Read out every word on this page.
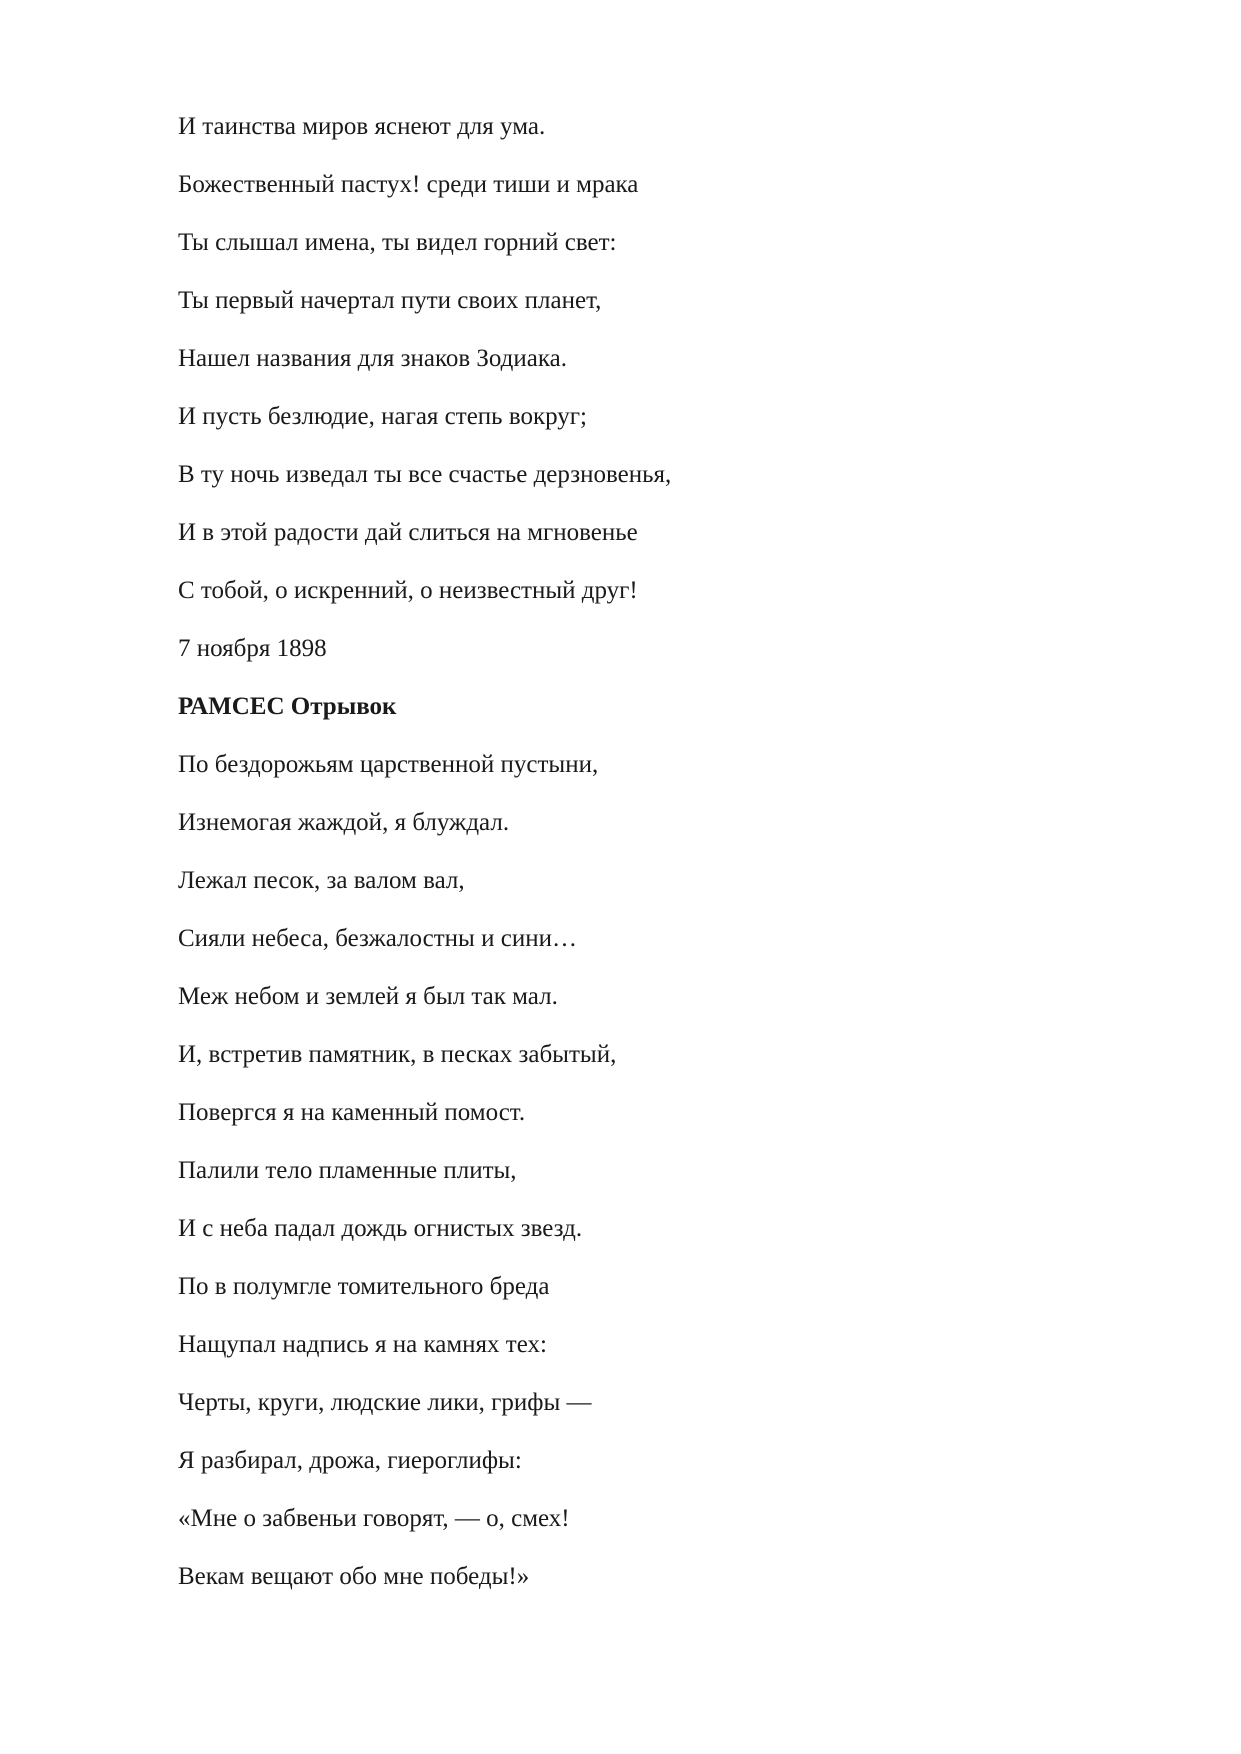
И таинства миров яснеют для ума.
Божественный пастух! среди тиши и мрака
Ты слышал имена, ты видел горний свет:
Ты первый начертал пути своих планет,
Нашел названия для знаков Зодиака.
И пусть безлюдие, нагая степь вокруг;
В ту ночь изведал ты все счастье дерзновенья,
И в этой радости дай слиться на мгновенье
С тобой, о искренний, о неизвестный друг!
7 ноября 1898
РАМСЕС Отрывок
По бездорожьям царственной пустыни,
Изнемогая жаждой, я блуждал.
Лежал песок, за валом вал,
Сияли небеса, безжалостны и сини…
Меж небом и землей я был так мал.
И, встретив памятник, в песках забытый,
Повергся я на каменный помост.
Палили тело пламенные плиты,
И с неба падал дождь огнистых звезд.
По в полумгле томительного бреда
Нащупал надпись я на камнях тех:
Черты, круги, людские лики, грифы —
Я разбирал, дрожа, гиероглифы:
«Мне о забвеньи говорят, — о, смех!
Векам вещают обо мне победы!»
